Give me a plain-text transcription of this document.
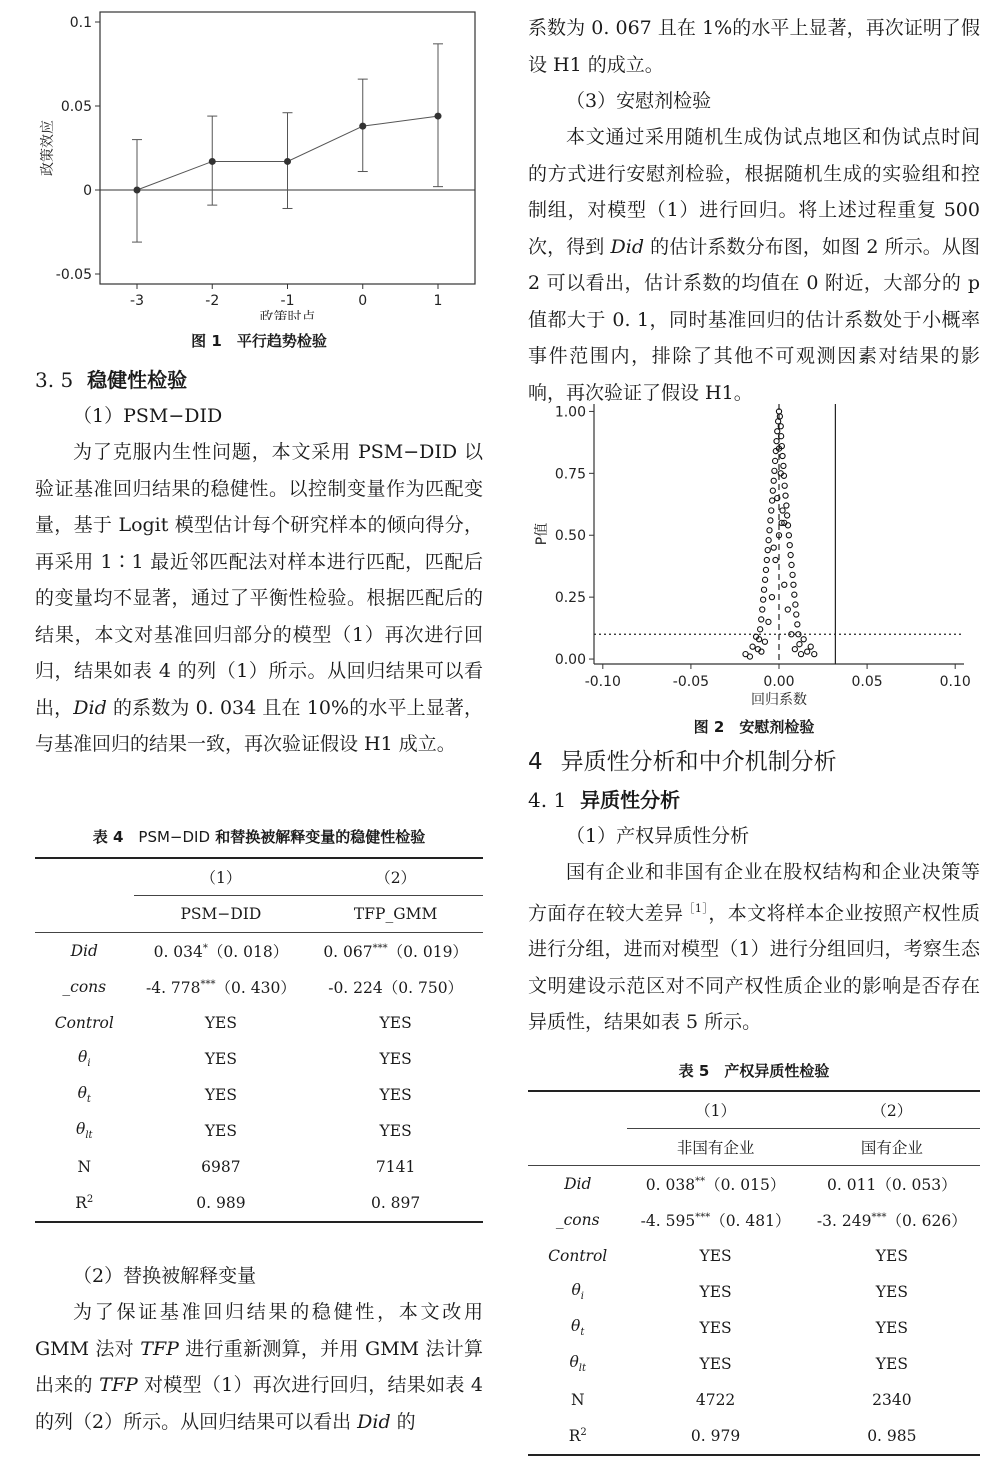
-0.05
0
0.05
0.1
-3	-2	-1	0	1
政策时点
政策效应

图 1　平行趋势检验

3. 5 稳健性检验

（1）PSM−DID

为了克服内生性问题，本文采用 PSM−DID 以验证基准回归结果的稳健性。以控制变量作为匹配变量，基于 Logit 模型估计每个研究样本的倾向得分，再采用 1∶1 最近邻匹配法对样本进行匹配，匹配后的变量均不显著，通过了平衡性检验。根据匹配后的结果，本文对基准回归部分的模型（1）再次进行回归，结果如表 4 的列（1）所示。从回归结果可以看出，Did 的系数为 0. 034 且在 10%的水平上显著，与基准回归的结果一致，再次验证假设 H1 成立。

表 4　PSM−DID 和替换被解释变量的稳健性检验

	（1）	（2）
	PSM−DID	TFP_GMM
Did	0. 034*（0. 018）	0. 067***（0. 019）
_cons	-4. 778***（0. 430）	-0. 224（0. 750）
Control	YES	YES
$\theta_i$	YES	YES
$\theta_t$	YES	YES
$\theta_{lt}$	YES	YES
N	6987	7141
$R^2$	0. 989	0. 897

（2）替换被解释变量

为了保证基准回归结果的稳健性，本文改用 GMM 法对 TFP 进行重新测算，并用 GMM 法计算出来的 TFP 对模型（1）再次进行回归，结果如表 4 的列（2）所示。从回归结果可以看出 Did 的

系数为 0. 067 且在 1%的水平上显著，再次证明了假设 H1 的成立。

（3）安慰剂检验

本文通过采用随机生成伪试点地区和伪试点时间的方式进行安慰剂检验，根据随机生成的实验组和控制组，对模型（1）进行回归。将上述过程重复 500 次，得到 Did 的估计系数分布图，如图 2 所示。从图 2 可以看出，估计系数的均值在 0 附近，大部分的 p 值都大于 0. 1，同时基准回归的估计系数处于小概率事件范围内，排除了其他不可观测因素对结果的影响，再次验证了假设 H1。

0.00
0.25
0.50
0.75
1.00
-0.10	-0.05	0.00	0.05	0.10
回归系数
P值

图 2　安慰剂检验

4 异质性分析和中介机制分析

4. 1 异质性分析

（1）产权异质性分析

国有企业和非国有企业在股权结构和企业决策等方面存在较大差异$^{[1]}$，本文将样本企业按照产权性质进行分组，进而对模型（1）进行分组回归，考察生态文明建设示范区对不同产权性质企业的影响是否存在异质性，结果如表 5 所示。

表 5　产权异质性检验

	（1）	（2）
	非国有企业	国有企业
Did	0. 038**（0. 015）	0. 011（0. 053）
_cons	-4. 595***（0. 481）	-3. 249***（0. 626）
Control	YES	YES
$\theta_i$	YES	YES
$\theta_t$	YES	YES
$\theta_{lt}$	YES	YES
N	4722	2340
$R^2$	0. 979	0. 985
